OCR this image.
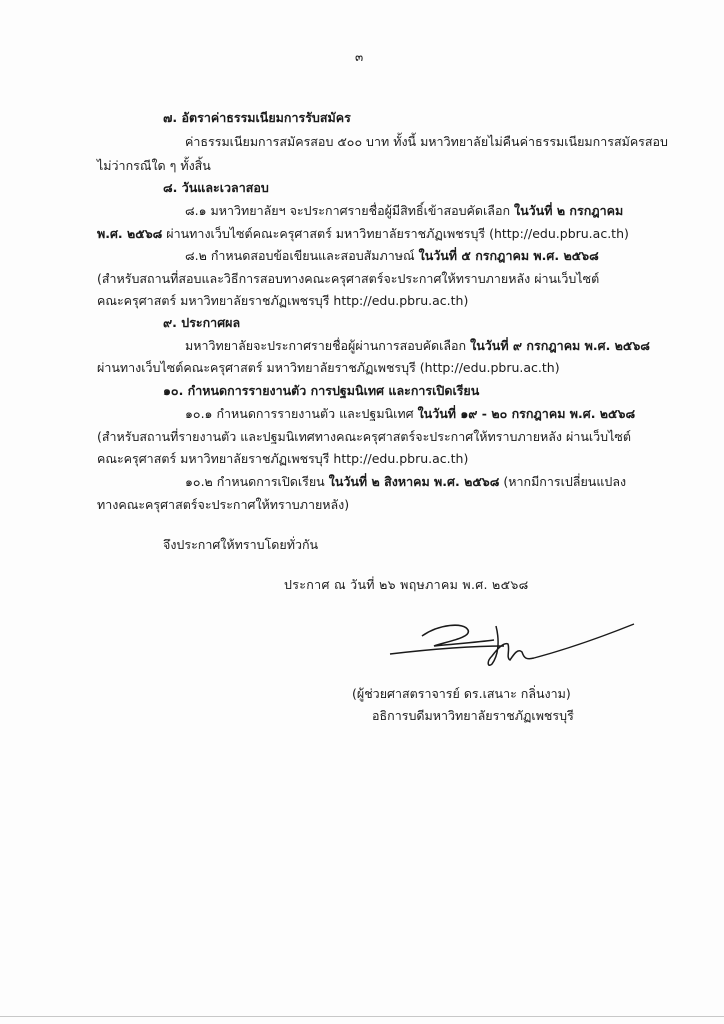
๓
๗. อัตราค่าธรรมเนียมการรับสมัคร
ค่าธรรมเนียมการสมัครสอบ ๕๐๐ บาท ทั้งนี้ มหาวิทยาลัยไม่คืนค่าธรรมเนียมการสมัครสอบ
ไม่ว่ากรณีใด ๆ ทั้งสิ้น
๘. วันและเวลาสอบ
๘.๑ มหาวิทยาลัยฯ จะประกาศรายชื่อผู้มีสิทธิ์เข้าสอบคัดเลือก ในวันที่ ๒ กรกฎาคม
พ.ศ. ๒๕๖๘ ผ่านทางเว็บไซต์คณะครุศาสตร์ มหาวิทยาลัยราชภัฏเพชรบุรี (http://edu.pbru.ac.th)
๘.๒ กำหนดสอบข้อเขียนและสอบสัมภาษณ์ ในวันที่ ๕ กรกฎาคม พ.ศ. ๒๕๖๘
(สำหรับสถานที่สอบและวิธีการสอบทางคณะครุศาสตร์จะประกาศให้ทราบภายหลัง ผ่านเว็บไซต์
คณะครุศาสตร์ มหาวิทยาลัยราชภัฏเพชรบุรี http://edu.pbru.ac.th)
๙. ประกาศผล
มหาวิทยาลัยจะประกาศรายชื่อผู้ผ่านการสอบคัดเลือก ในวันที่ ๙ กรกฎาคม พ.ศ. ๒๕๖๘
ผ่านทางเว็บไซต์คณะครุศาสตร์ มหาวิทยาลัยราชภัฏเพชรบุรี (http://edu.pbru.ac.th)
๑๐. กำหนดการรายงานตัว การปฐมนิเทศ และการเปิดเรียน
๑๐.๑ กำหนดการรายงานตัว และปฐมนิเทศ ในวันที่ ๑๙ - ๒๐ กรกฎาคม พ.ศ. ๒๕๖๘
(สำหรับสถานที่รายงานตัว และปฐมนิเทศทางคณะครุศาสตร์จะประกาศให้ทราบภายหลัง ผ่านเว็บไซต์
คณะครุศาสตร์ มหาวิทยาลัยราชภัฏเพชรบุรี http://edu.pbru.ac.th)
๑๐.๒ กำหนดการเปิดเรียน ในวันที่ ๒ สิงหาคม พ.ศ. ๒๕๖๘ (หากมีการเปลี่ยนแปลง
ทางคณะครุศาสตร์จะประกาศให้ทราบภายหลัง)
จึงประกาศให้ทราบโดยทั่วกัน
ประกาศ ณ วันที่ ๒๖ พฤษภาคม พ.ศ. ๒๕๖๘
(ผู้ช่วยศาสตราจารย์ ดร.เสนาะ กลิ่นงาม)
อธิการบดีมหาวิทยาลัยราชภัฏเพชรบุรี
